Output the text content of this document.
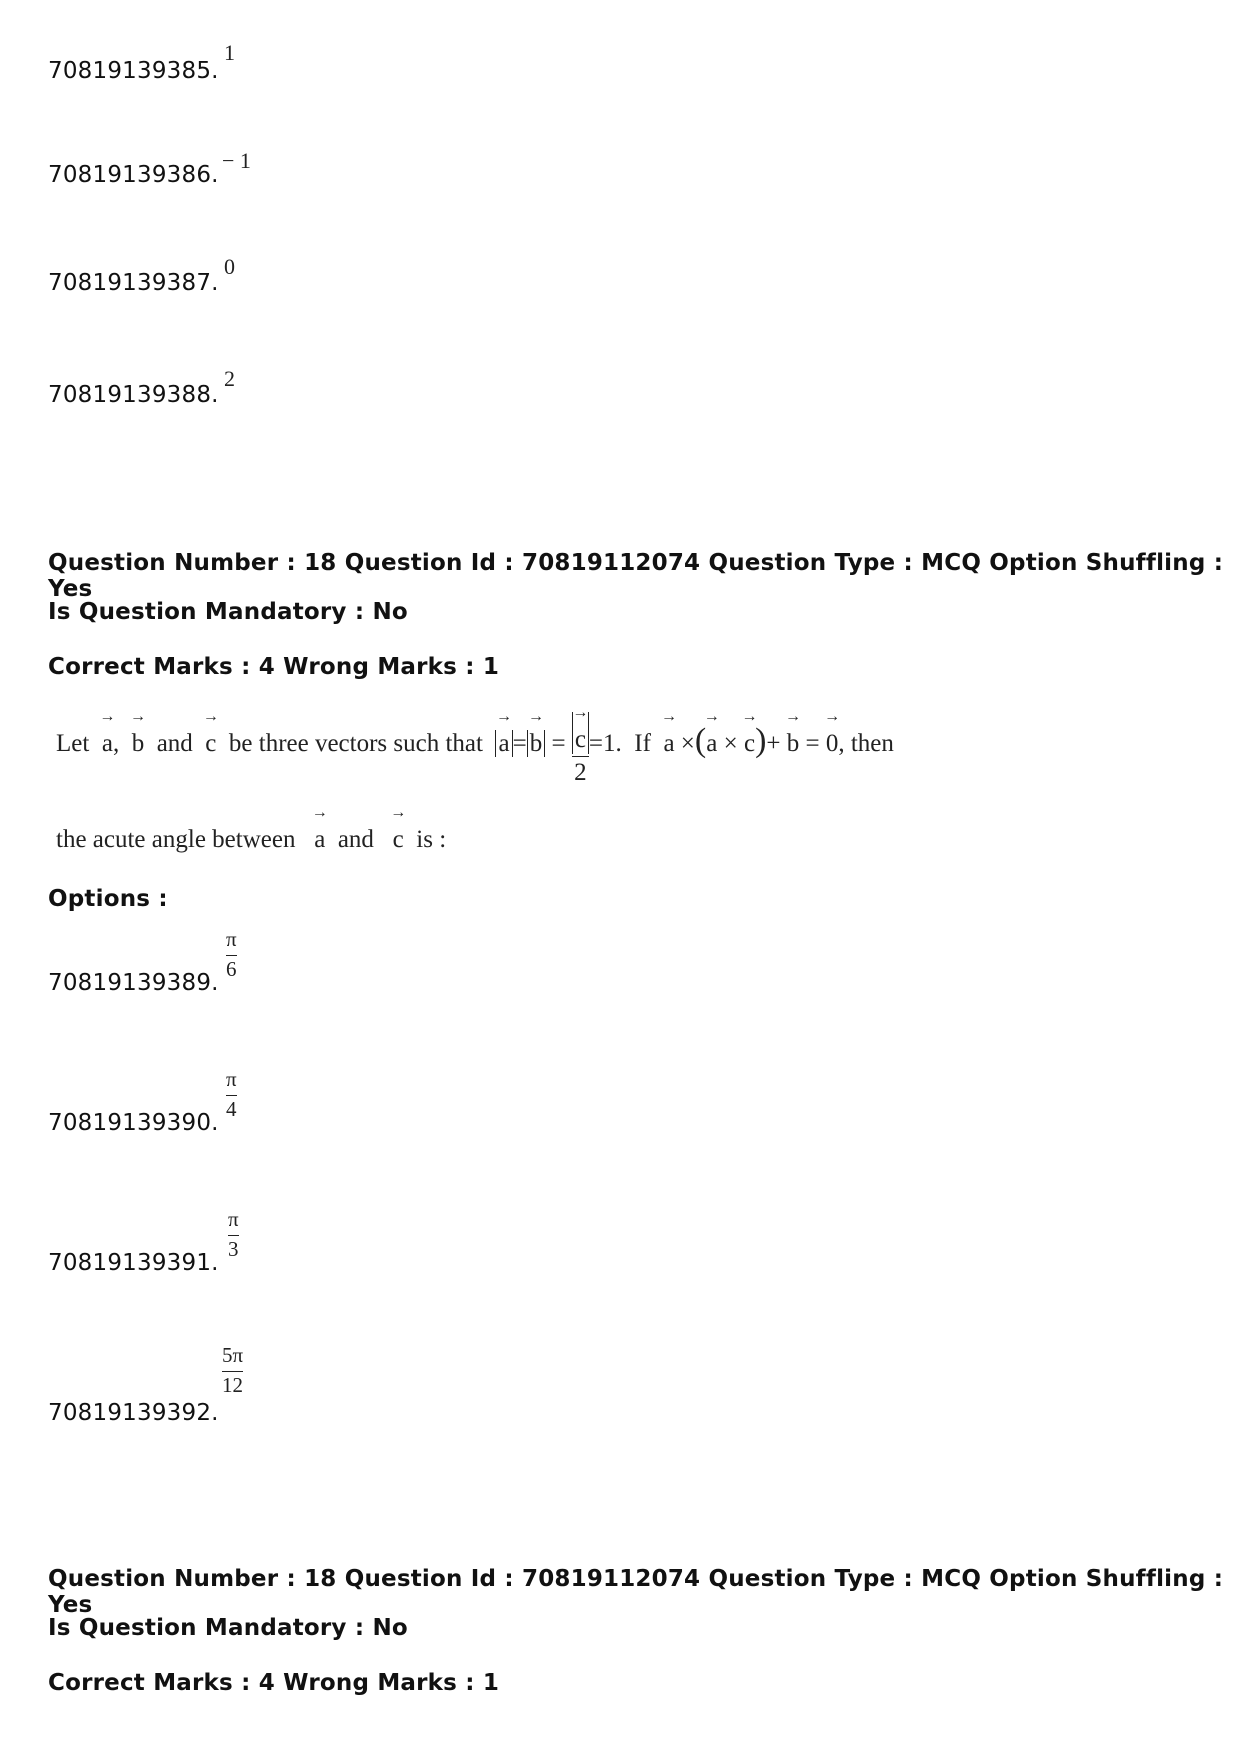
70819139385.
1
70819139386.
− 1
70819139387.
0
70819139388.
2
Question Number : 18 Question Id : 70819112074 Question Type : MCQ Option Shuffling : Yes
Is Question Mandatory : No
Correct Marks : 4 Wrong Marks : 1
Let → a, → b and → c be three vectors such that → a = → b = → $\frac{c}{2} =1$. If → a ×(→ a × → c)+ → b = → 0, then
the acute angle between → a and → c is :
Options :
70819139389.
π
6
70819139390.
π
4
70819139391.
π
3
70819139392.
5π
12
Question Number : 18 Question Id : 70819112074 Question Type : MCQ Option Shuffling : Yes
Is Question Mandatory : No
Correct Marks : 4 Wrong Marks : 1
